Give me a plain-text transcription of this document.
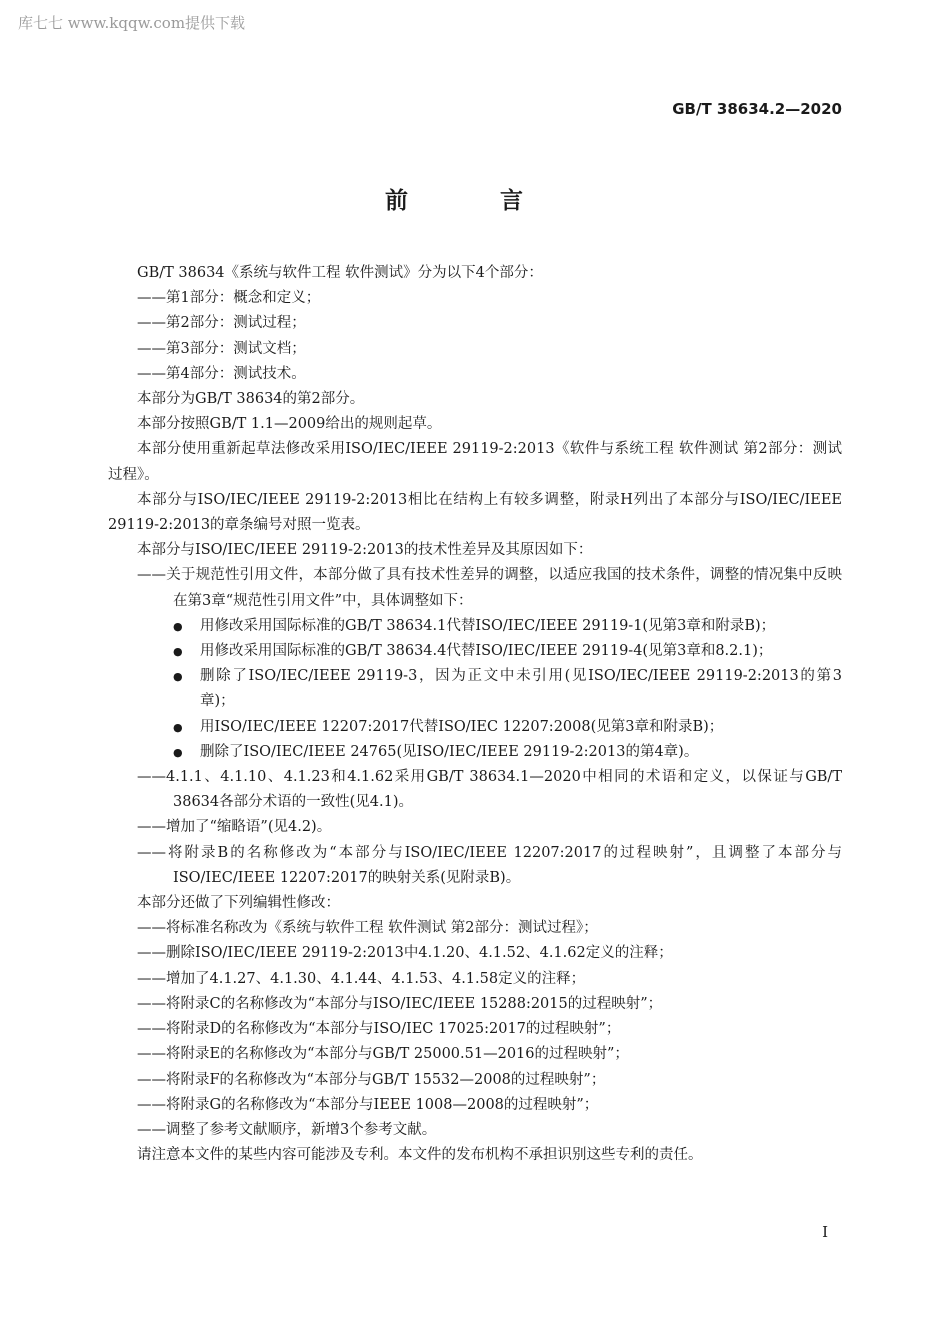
库七七 www.kqqw.com提供下载
GB/T 38634.2—2020
前 言

GB/T 38634《系统与软件工程 软件测试》分为以下4个部分：

——第1部分：概念和定义；

——第2部分：测试过程；

——第3部分：测试文档；

——第4部分：测试技术。

本部分为GB/T 38634的第2部分。

本部分按照GB/T 1.1—2009给出的规则起草。

本部分使用重新起草法修改采用ISO/IEC/IEEE 29119-2:2013《软件与系统工程 软件测试 第2部分：测试过程》。

本部分与ISO/IEC/IEEE 29119-2:2013相比在结构上有较多调整，附录H列出了本部分与ISO/IEC/IEEE 29119-2:2013的章条编号对照一览表。

本部分与ISO/IEC/IEEE 29119-2:2013的技术性差异及其原因如下：

——关于规范性引用文件，本部分做了具有技术性差异的调整，以适应我国的技术条件，调整的情况集中反映在第3章“规范性引用文件”中，具体调整如下：

● 用修改采用国际标准的GB/T 38634.1代替ISO/IEC/IEEE 29119-1(见第3章和附录B)；

● 用修改采用国际标准的GB/T 38634.4代替ISO/IEC/IEEE 29119-4(见第3章和8.2.1)；

● 删除了ISO/IEC/IEEE 29119-3，因为正文中未引用(见ISO/IEC/IEEE 29119-2:2013的第3章)；

● 用ISO/IEC/IEEE 12207:2017代替ISO/IEC 12207:2008(见第3章和附录B)；

● 删除了ISO/IEC/IEEE 24765(见ISO/IEC/IEEE 29119-2:2013的第4章)。

——4.1.1、4.1.10、4.1.23和4.1.62采用GB/T 38634.1—2020中相同的术语和定义，以保证与GB/T 38634各部分术语的一致性(见4.1)。

——增加了“缩略语”(见4.2)。

——将附录B的名称修改为“本部分与ISO/IEC/IEEE 12207:2017的过程映射”，且调整了本部分与ISO/IEC/IEEE 12207:2017的映射关系(见附录B)。

本部分还做了下列编辑性修改：

——将标准名称改为《系统与软件工程 软件测试 第2部分：测试过程》；

——删除ISO/IEC/IEEE 29119-2:2013中4.1.20、4.1.52、4.1.62定义的注释；

——增加了4.1.27、4.1.30、4.1.44、4.1.53、4.1.58定义的注释；

——将附录C的名称修改为“本部分与ISO/IEC/IEEE 15288:2015的过程映射”；

——将附录D的名称修改为“本部分与ISO/IEC 17025:2017的过程映射”；

——将附录E的名称修改为“本部分与GB/T 25000.51—2016的过程映射”；

——将附录F的名称修改为“本部分与GB/T 15532—2008的过程映射”；

——将附录G的名称修改为“本部分与IEEE 1008—2008的过程映射”；

——调整了参考文献顺序，新增3个参考文献。

请注意本文件的某些内容可能涉及专利。本文件的发布机构不承担识别这些专利的责任。

I
